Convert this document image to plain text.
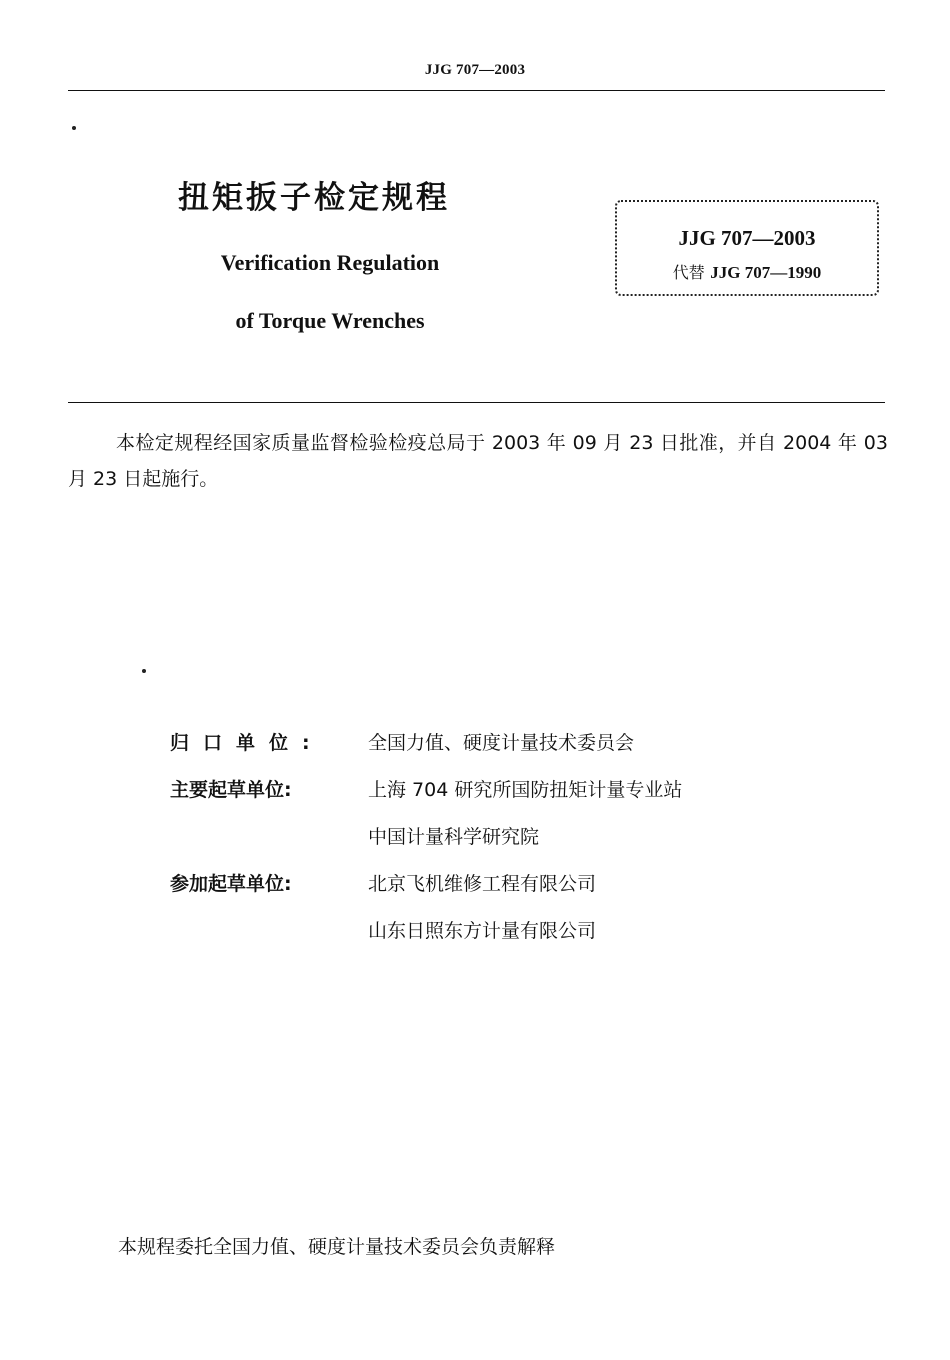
JJG 707—2003
扭矩扳子检定规程
Verification Regulation
of Torque Wrenches
JJG 707—2003
代替 JJG 707—1990
本检定规程经国家质量监督检验检疫总局于 2003 年 09 月 23 日批准，并自 2004 年 03 月 23 日起施行。
归口单位:	全国力值、硬度计量技术委员会
主要起草单位:	上海 704 研究所国防扭矩计量专业站
中国计量科学研究院
参加起草单位:	北京飞机维修工程有限公司
山东日照东方计量有限公司
本规程委托全国力值、硬度计量技术委员会负责解释
